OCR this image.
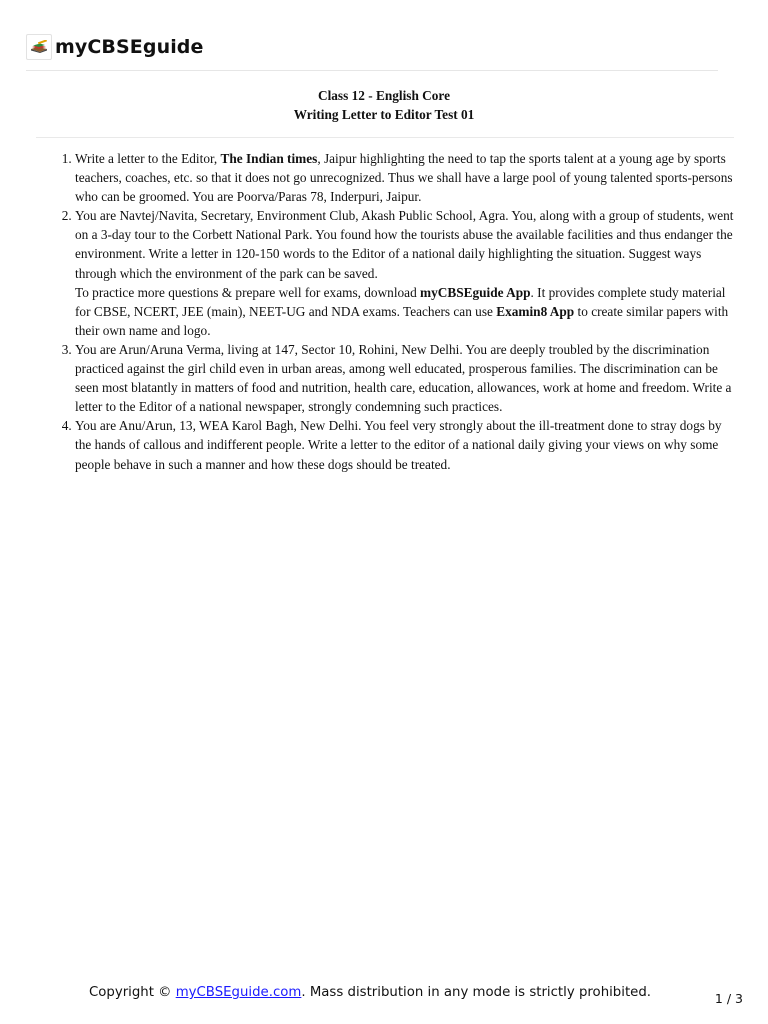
myCBSEguide
Class 12 - English Core
Writing Letter to Editor Test 01
1. Write a letter to the Editor, The Indian times, Jaipur highlighting the need to tap the sports talent at a young age by sports teachers, coaches, etc. so that it does not go unrecognized. Thus we shall have a large pool of young talented sports-persons who can be groomed. You are Poorva/Paras 78, Inderpuri, Jaipur.
2. You are Navtej/Navita, Secretary, Environment Club, Akash Public School, Agra. You, along with a group of students, went on a 3-day tour to the Corbett National Park. You found how the tourists abuse the available facilities and thus endanger the environment. Write a letter in 120-150 words to the Editor of a national daily highlighting the situation. Suggest ways through which the environment of the park can be saved.
To practice more questions & prepare well for exams, download myCBSEguide App. It provides complete study material for CBSE, NCERT, JEE (main), NEET-UG and NDA exams. Teachers can use Examin8 App to create similar papers with their own name and logo.
3. You are Arun/Aruna Verma, living at 147, Sector 10, Rohini, New Delhi. You are deeply troubled by the discrimination practiced against the girl child even in urban areas, among well educated, prosperous families. The discrimination can be seen most blatantly in matters of food and nutrition, health care, education, allowances, work at home and freedom. Write a letter to the Editor of a national newspaper, strongly condemning such practices.
4. You are Anu/Arun, 13, WEA Karol Bagh, New Delhi. You feel very strongly about the ill-treatment done to stray dogs by the hands of callous and indifferent people. Write a letter to the editor of a national daily giving your views on why some people behave in such a manner and how these dogs should be treated.
Copyright © myCBSEguide.com. Mass distribution in any mode is strictly prohibited.	1 / 3
